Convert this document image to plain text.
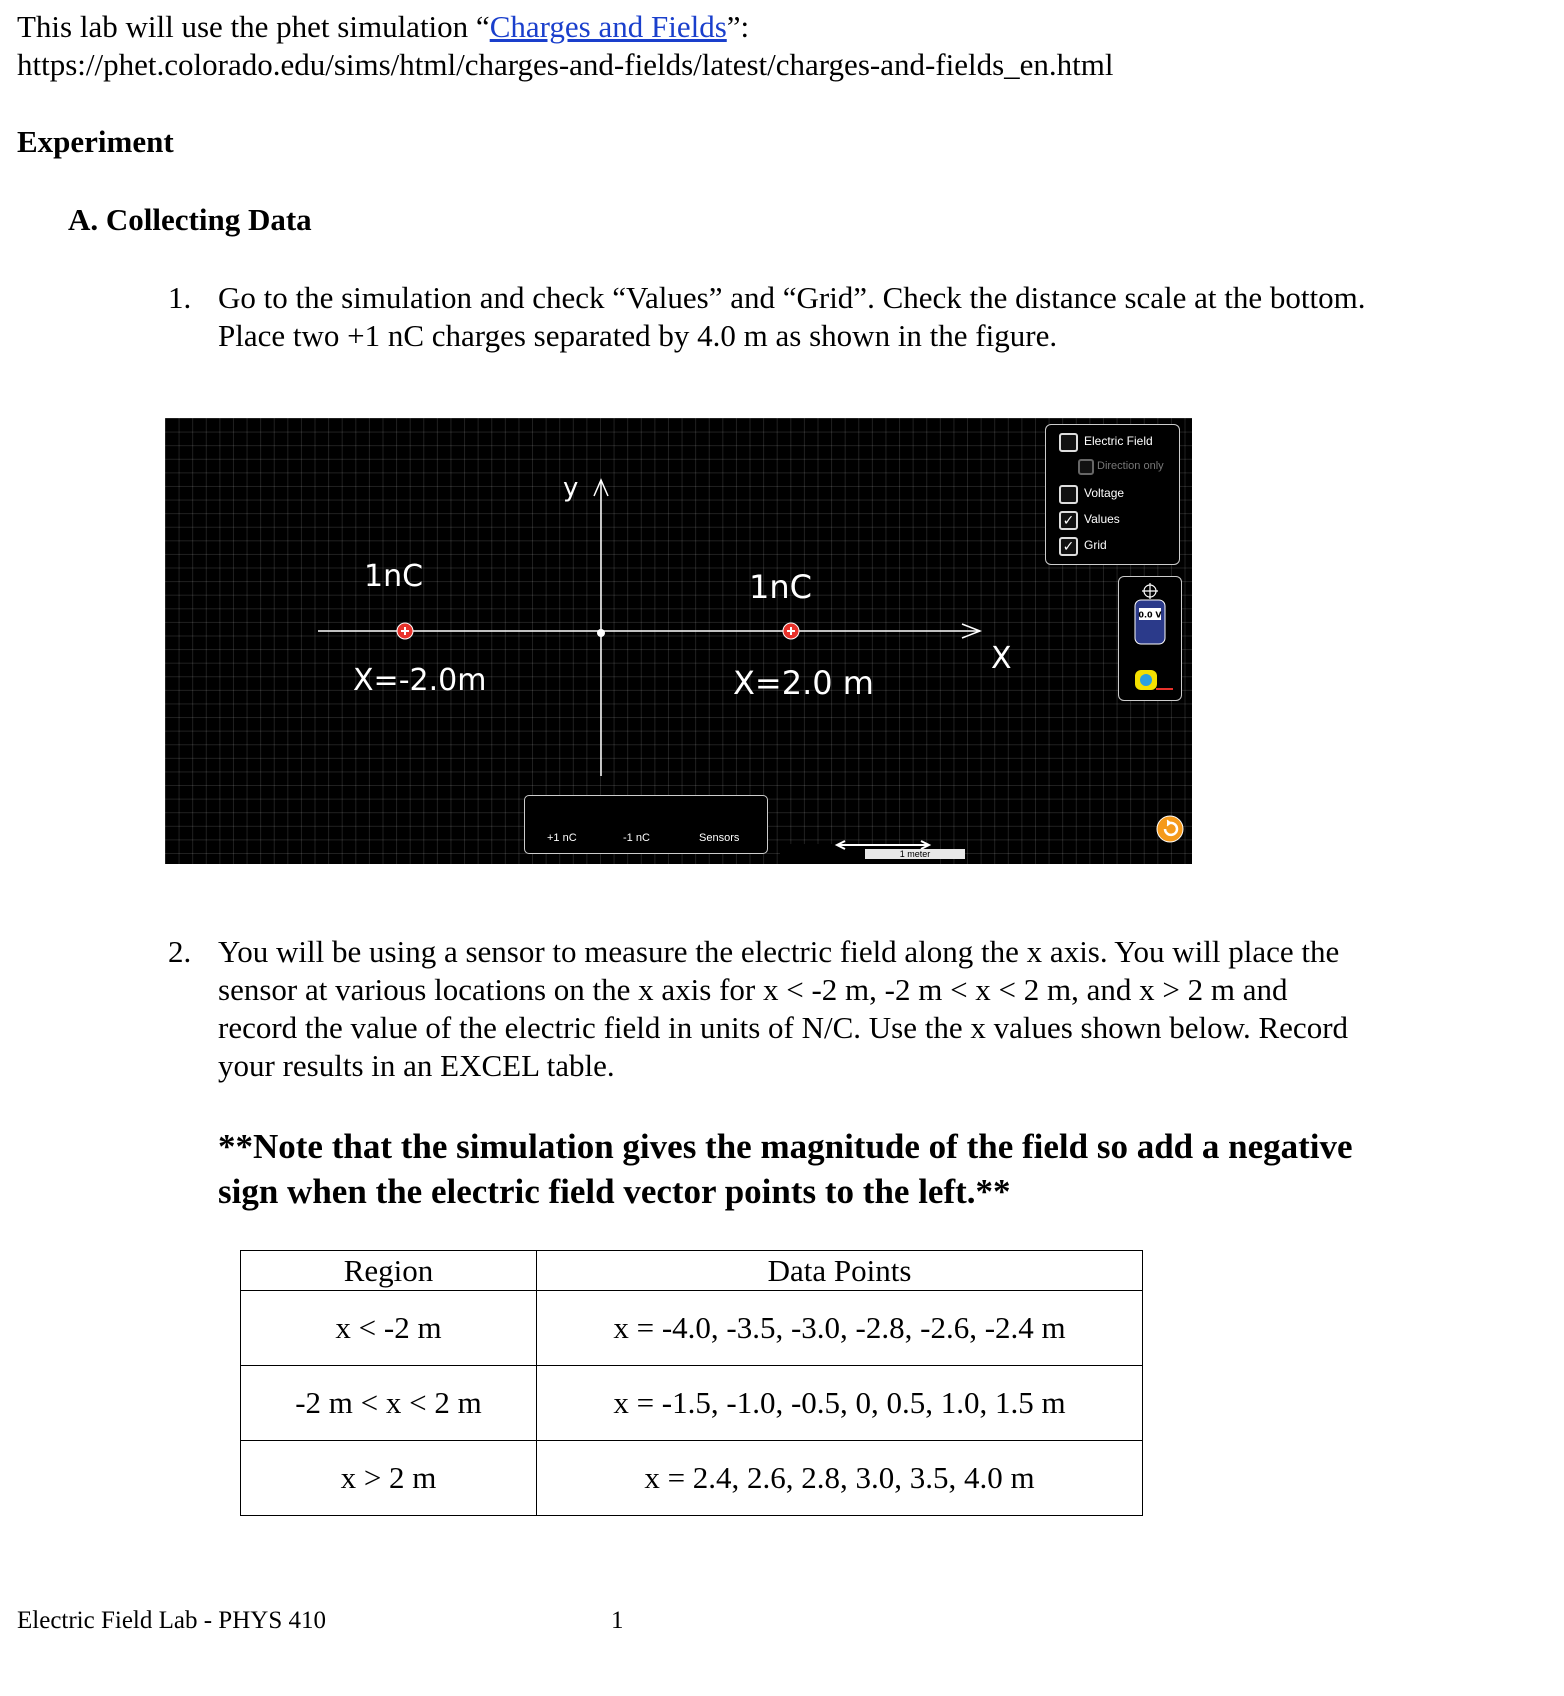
This lab will use the phet simulation “Charges and Fields”:
https://phet.colorado.edu/sims/html/charges-and-fields/latest/charges-and-fields_en.html
Experiment
A. Collecting Data
1. Go to the simulation and check “Values” and “Grid”. Check the distance scale at the bottom. Place two +1 nC charges separated by 4.0 m as shown in the figure.
y
X
1nC
X=-2.0m
1nC
X=2.0 m
Electric Field
Direction only
Voltage
✓ Values
✓ Grid
0.0 V
+1 nC	-1 nC	Sensors
1 meter
2. You will be using a sensor to measure the electric field along the x axis. You will place the sensor at various locations on the x axis for x < -2 m, -2 m < x < 2 m, and x > 2 m and record the value of the electric field in units of N/C. Use the x values shown below. Record your results in an EXCEL table.
**Note that the simulation gives the magnitude of the field so add a negative sign when the electric field vector points to the left.**
Region	Data Points
x < -2 m	x = -4.0, -3.5, -3.0, -2.8, -2.6, -2.4 m
-2 m < x < 2 m	x = -1.5, -1.0, -0.5, 0, 0.5, 1.0, 1.5 m
x > 2 m	x = 2.4, 2.6, 2.8, 3.0, 3.5, 4.0 m
Electric Field Lab - PHYS 410	1
